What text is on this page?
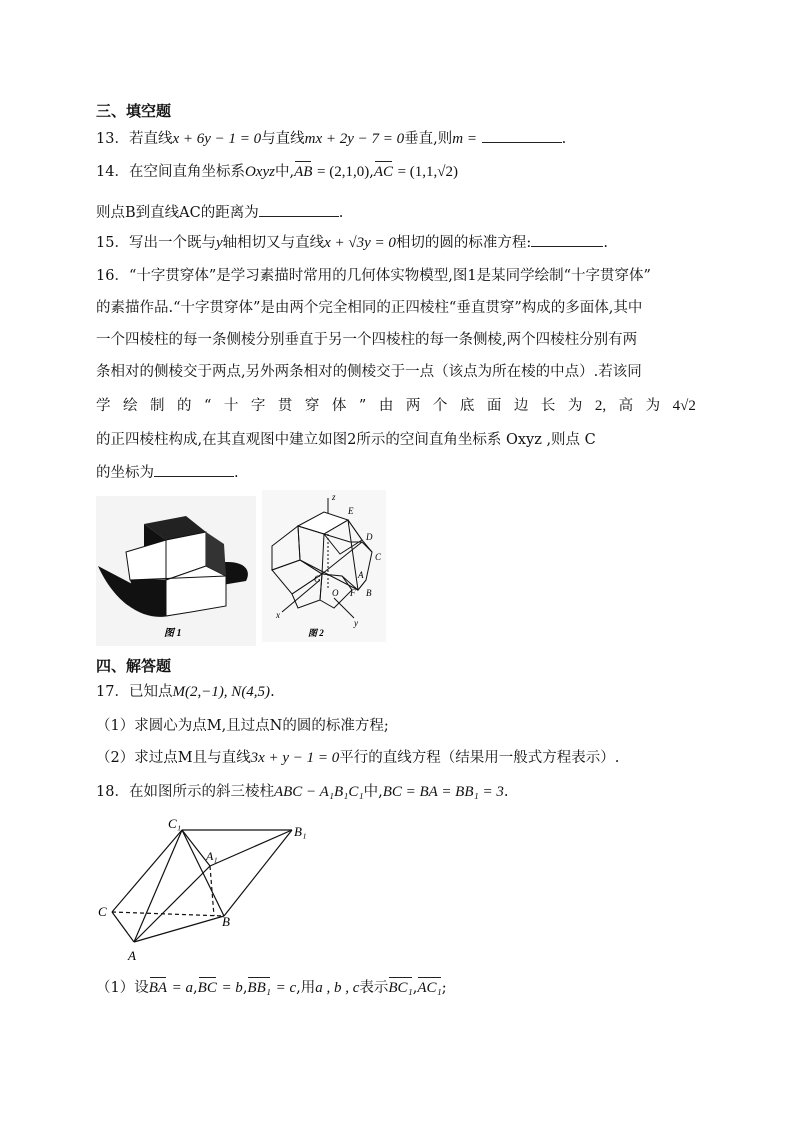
三、填空题
13．若直线x + 6y − 1 = 0与直线mx + 2y − 7 = 0垂直,则m =	.
14．在空间直角坐标系Oxyz中,AB = (2,1,0),AC = (1,1,√2)
则点B到直线AC的距离为	.
15．写出一个既与y轴相切又与直线x + √3y = 0相切的圆的标准方程:	.
16．“十字贯穿体”是学习素描时常用的几何体实物模型,图1是某同学绘制“十字贯穿体”
的素描作品.“十字贯穿体”是由两个完全相同的正四棱柱“垂直贯穿”构成的多面体,其中
一个四棱柱的每一条侧棱分别垂直于另一个四棱柱的每一条侧棱,两个四棱柱分别有两
条相对的侧棱交于两点,另外两条相对的侧棱交于一点（该点为所在棱的中点）.若该同
学 绘 制 的 “ 十 字 贯 穿 体 ” 由 两 个 底 面 边 长 为 2, 高 为 4√2
的正四棱柱构成,在其直观图中建立如图2所示的空间直角坐标系 Oxyz ,则点 C
的坐标为	.
图 1
z
E
D
C
A
G
O F B
x
y
图 2
四、解答题
17．已知点M(2,−1), N(4,5).
（1）求圆心为点M,且过点N的圆的标准方程;
（2）求过点M且与直线3x + y − 1 = 0平行的直线方程（结果用一般式方程表示）.
18．在如图所示的斜三棱柱ABC − A₁B₁C₁中,BC = BA = BB₁ = 3.
C₁
B₁
A₁
C
B
A
（1）设BA = a,BC = b,BB₁ = c,用a , b , c表示BC₁,AC₁;
